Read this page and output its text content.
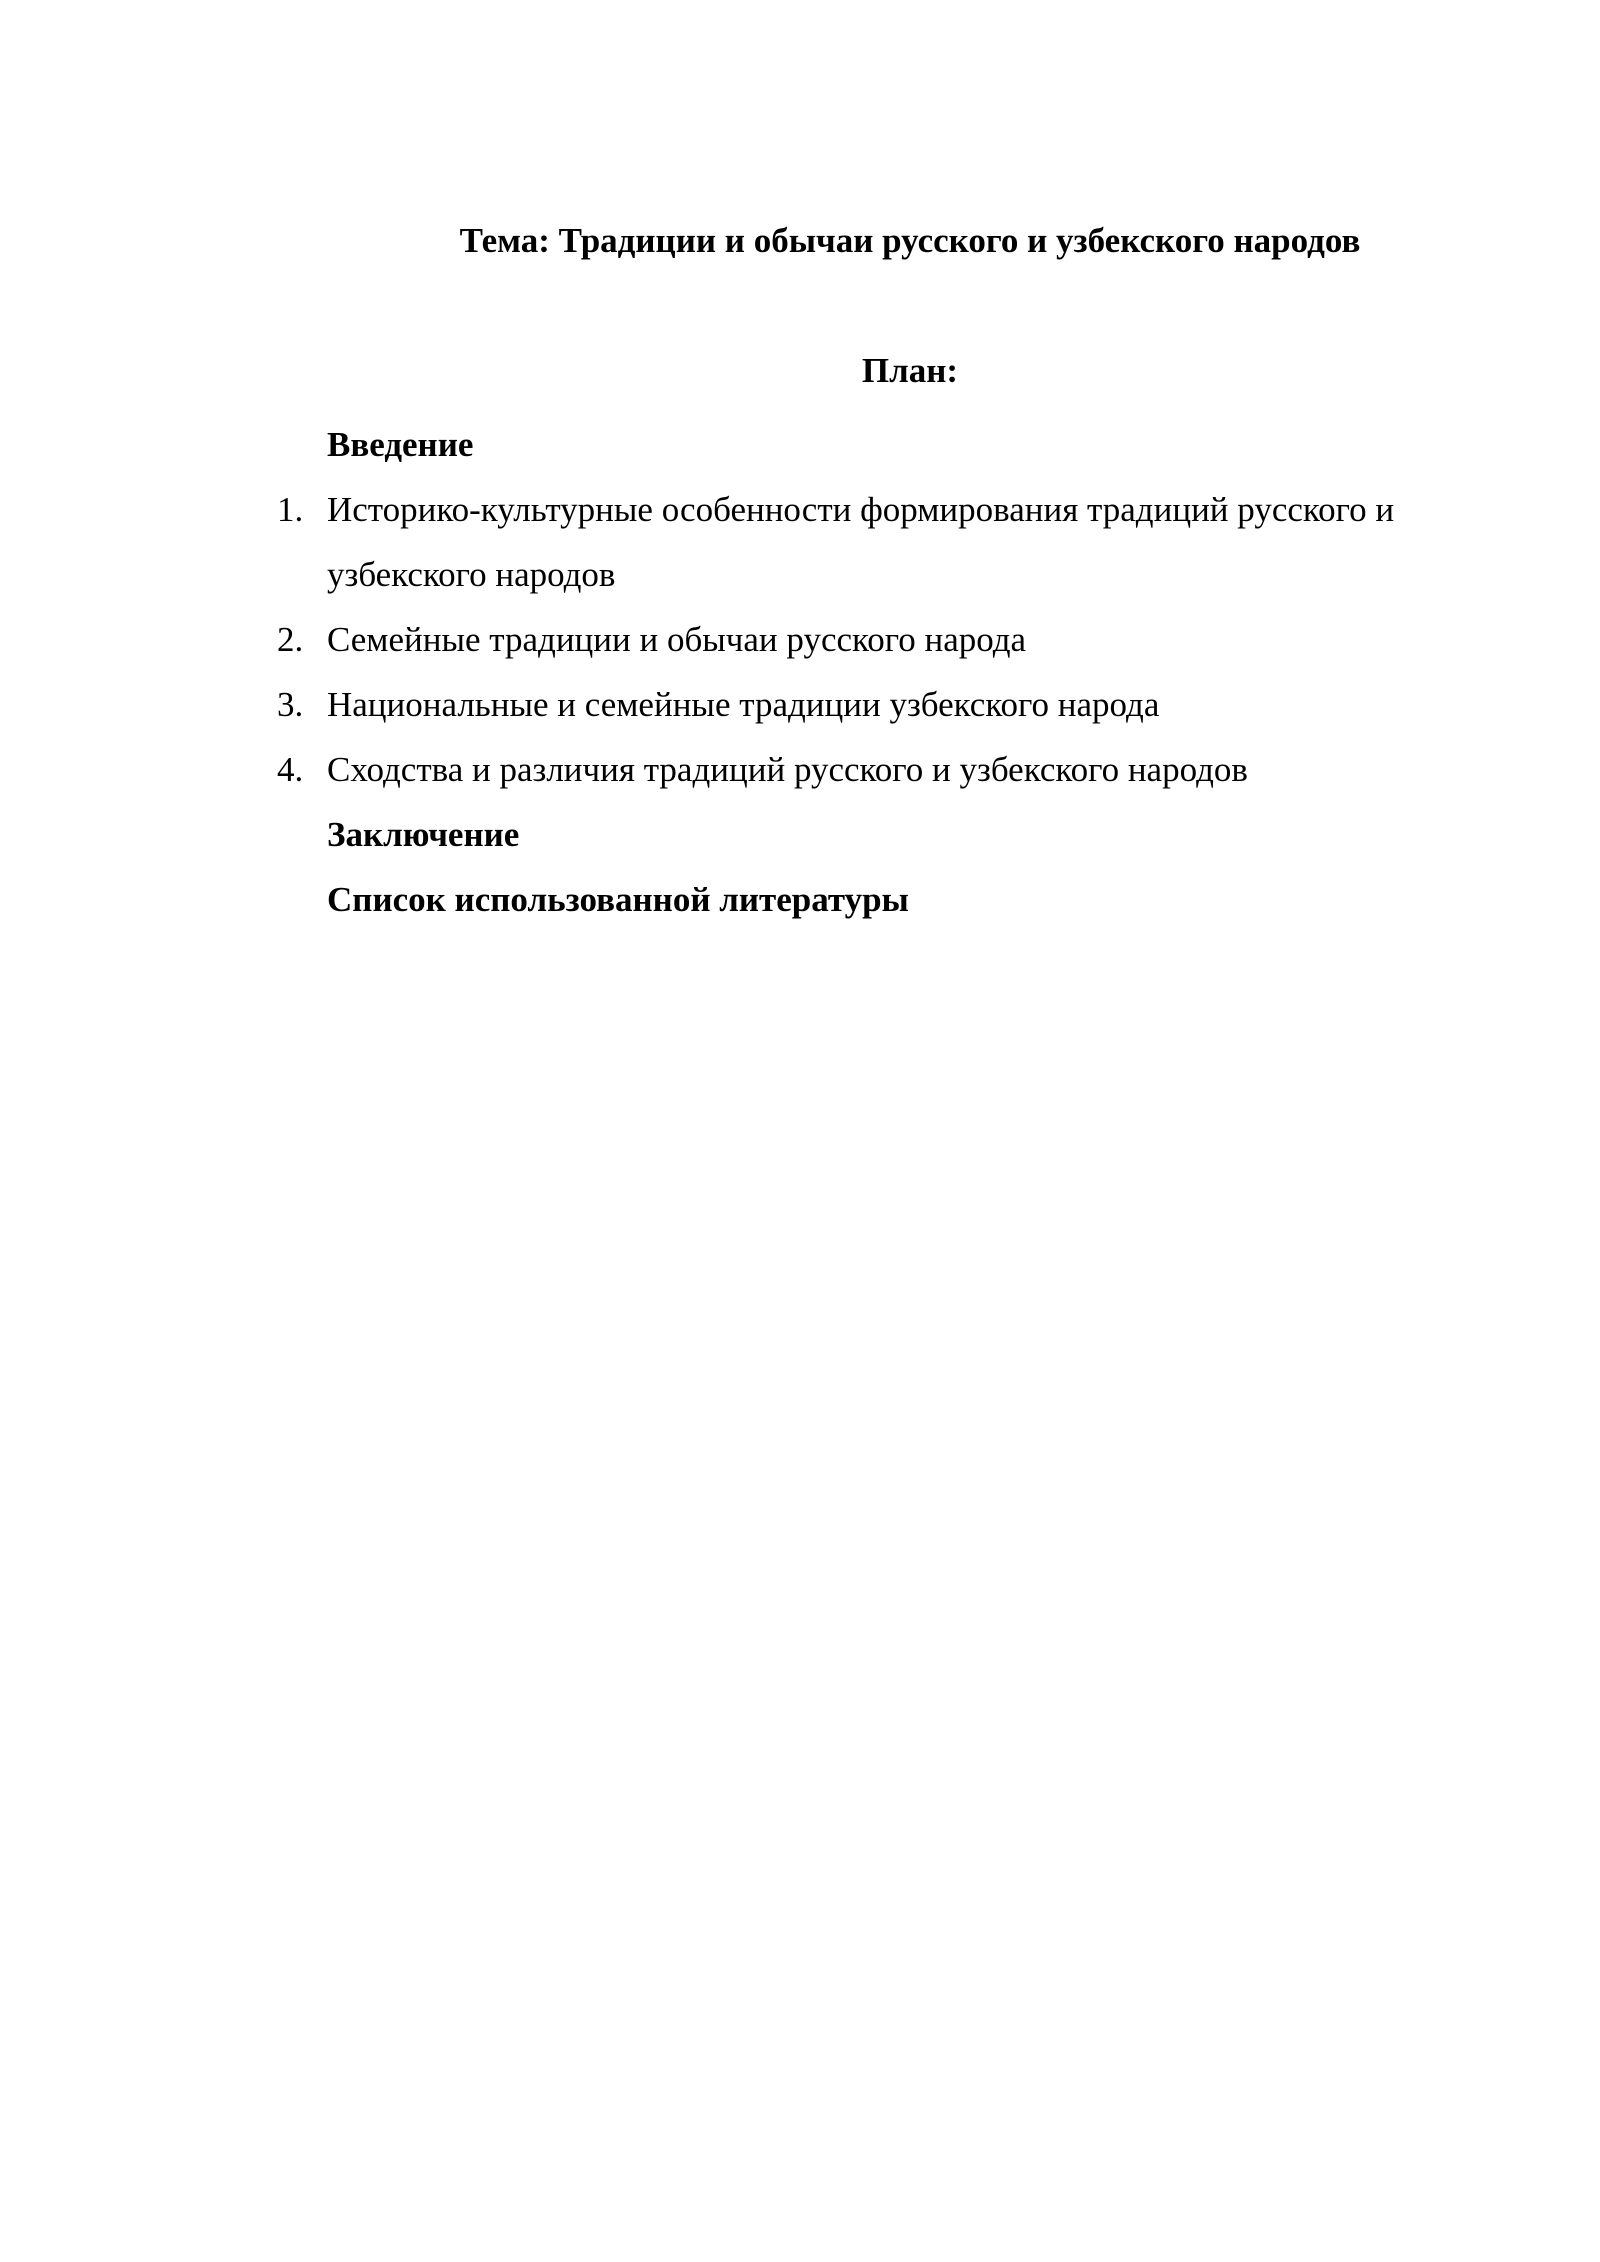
Тема: Традиции и обычаи русского и узбекского народов
План:
Введение
1. Историко-культурные особенности формирования традиций русского и
узбекского народов
2. Семейные традиции и обычаи русского народа
3. Национальные и семейные традиции узбекского народа
4. Сходства и различия традиций русского и узбекского народов
Заключение
Список использованной литературы
